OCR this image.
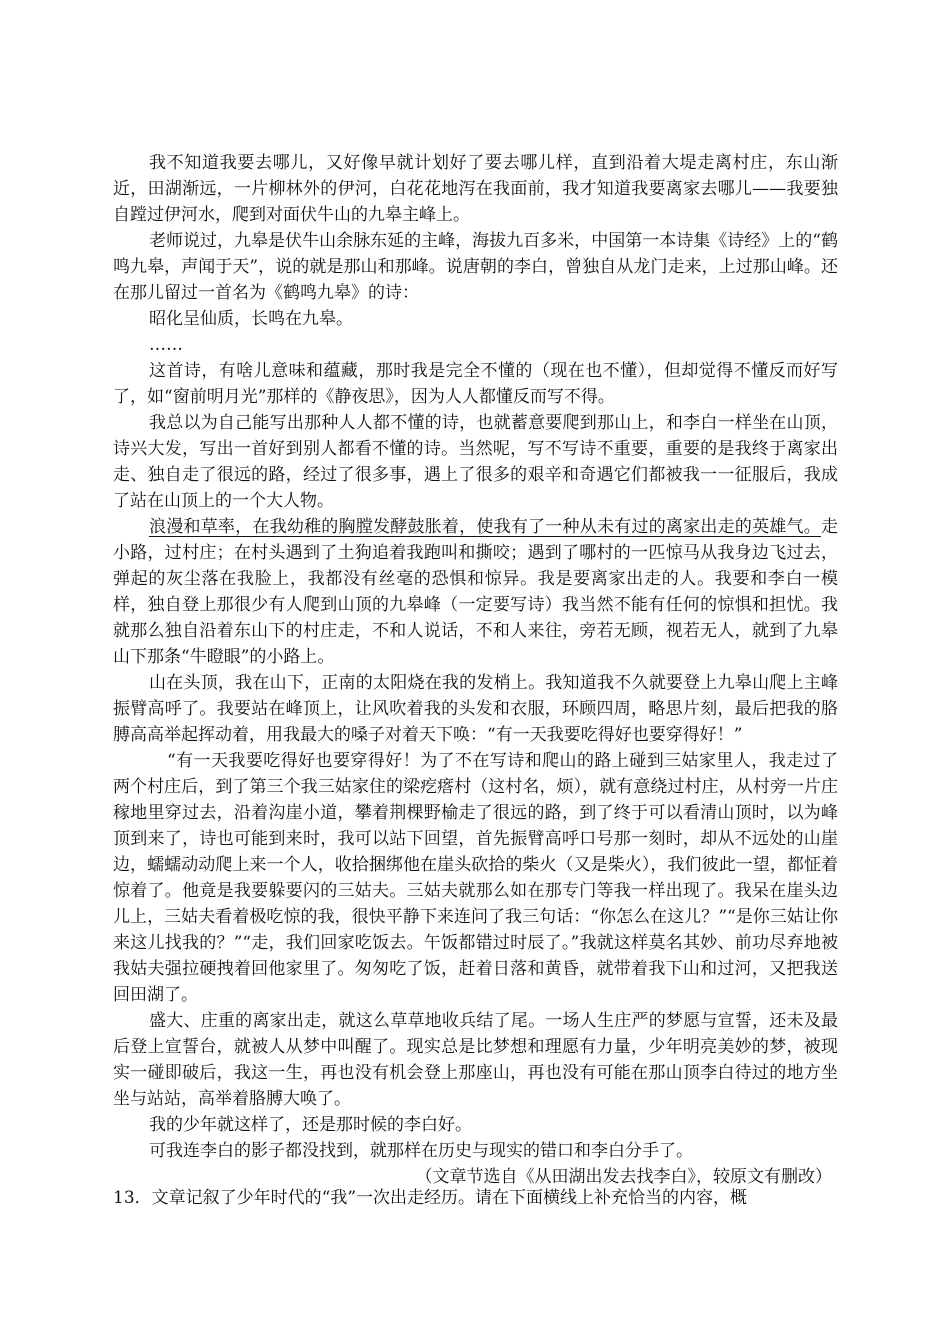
我不知道我要去哪儿，又好像早就计划好了要去哪儿样，直到沿着大堤走离村庄，东山渐近，田湖渐远，一片柳林外的伊河，白花花地泻在我面前，我才知道我要离家去哪儿——我要独自蹚过伊河水，爬到对面伏牛山的九皋主峰上。

老师说过，九皋是伏牛山余脉东延的主峰，海拔九百多米，中国第一本诗集《诗经》上的“鹤鸣九皋，声闻于天”，说的就是那山和那峰。说唐朝的李白，曾独自从龙门走来，上过那山峰。还在那儿留过一首名为《鹤鸣九皋》的诗：

昭化呈仙质，长鸣在九皋。

……

这首诗，有啥儿意味和蕴藏，那时我是完全不懂的（现在也不懂），但却觉得不懂反而好写了，如“窗前明月光”那样的《静夜思》，因为人人都懂反而写不得。

我总以为自己能写出那种人人都不懂的诗，也就蓄意要爬到那山上，和李白一样坐在山顶，诗兴大发，写出一首好到别人都看不懂的诗。当然呢，写不写诗不重要，重要的是我终于离家出走、独自走了很远的路，经过了很多事，遇上了很多的艰辛和奇遇它们都被我一一征服后，我成了站在山顶上的一个大人物。

浪漫和草率，在我幼稚的胸膛发酵鼓胀着，使我有了一种从未有过的离家出走的英雄气。走小路，过村庄；在村头遇到了土狗追着我跑叫和撕咬；遇到了哪村的一匹惊马从我身边飞过去，弹起的灰尘落在我脸上，我都没有丝毫的恐惧和惊异。我是要离家出走的人。我要和李白一模样，独自登上那很少有人爬到山顶的九皋峰（一定要写诗）我当然不能有任何的惊惧和担忧。我就那么独自沿着东山下的村庄走，不和人说话，不和人来往，旁若无顾，视若无人，就到了九皋山下那条“牛瞪眼”的小路上。

山在头顶，我在山下，正南的太阳烧在我的发梢上。我知道我不久就要登上九皋山爬上主峰振臂高呼了。我要站在峰顶上，让风吹着我的头发和衣服，环顾四周，略思片刻，最后把我的胳膊高高举起挥动着，用我最大的嗓子对着天下唤：“有一天我要吃得好也要穿得好！”

“有一天我要吃得好也要穿得好！为了不在写诗和爬山的路上碰到三姑家里人，我走过了两个村庄后，到了第三个我三姑家住的梁疙瘩村（这村名，烦），就有意绕过村庄，从村旁一片庄稼地里穿过去，沿着沟崖小道，攀着荆棵野榆走了很远的路，到了终于可以看清山顶时，以为峰顶到来了，诗也可能到来时，我可以站下回望，首先振臂高呼口号那一刻时，却从不远处的山崖边，蠕蠕动动爬上来一个人，收拾捆绑他在崖头砍拾的柴火（又是柴火），我们彼此一望，都怔着惊着了。他竟是我要躲要闪的三姑夫。三姑夫就那么如在那专门等我一样出现了。我呆在崖头边儿上，三姑夫看着极吃惊的我，很快平静下来连问了我三句话：“你怎么在这儿？”“是你三姑让你来这儿找我的？”“走，我们回家吃饭去。午饭都错过时辰了。”我就这样莫名其妙、前功尽弃地被我姑夫强拉硬拽着回他家里了。匆匆吃了饭，赶着日落和黄昏，就带着我下山和过河，又把我送回田湖了。

盛大、庄重的离家出走，就这么草草地收兵结了尾。一场人生庄严的梦愿与宣誓，还未及最后登上宣誓台，就被人从梦中叫醒了。现实总是比梦想和理愿有力量，少年明亮美妙的梦，被现实一碰即破后，我这一生，再也没有机会登上那座山，再也没有可能在那山顶李白待过的地方坐坐与站站，高举着胳膊大唤了。

我的少年就这样了，还是那时候的李白好。

可我连李白的影子都没找到，就那样在历史与现实的错口和李白分手了。

（文章节选自《从田湖出发去找李白》，较原文有删改）

13．文章记叙了少年时代的“我”一次出走经历。请在下面横线上补充恰当的内容，概
